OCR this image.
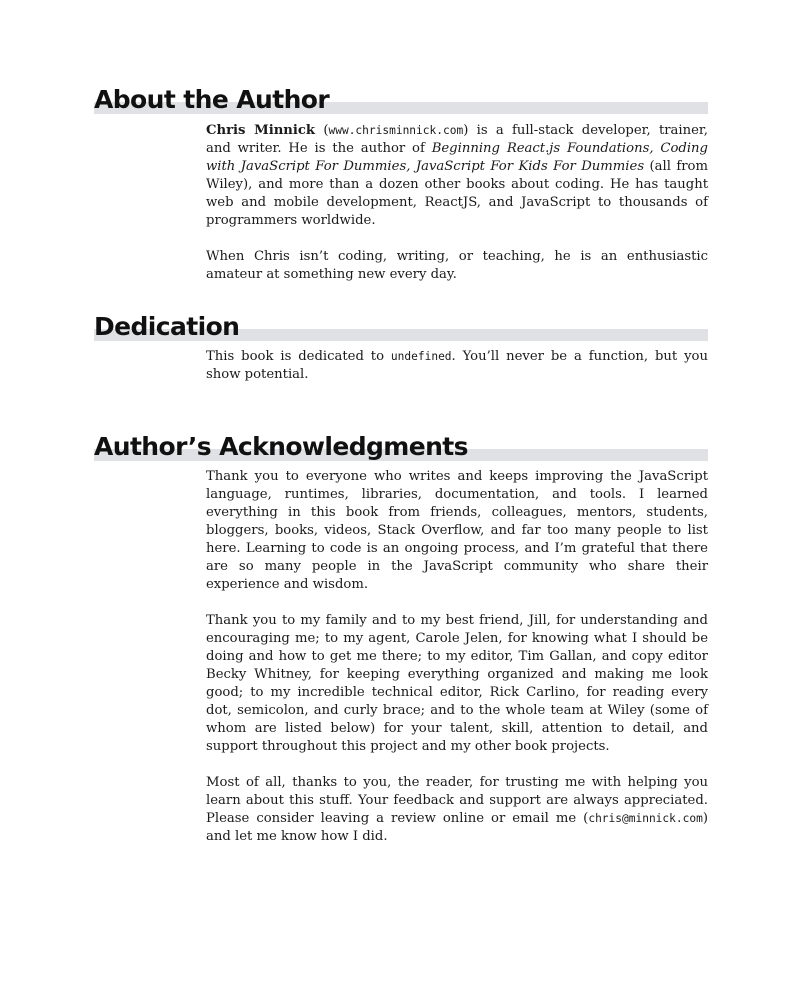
About the Author

Chris Minnick (www.chrisminnick.com) is a full-stack developer, trainer, and writer. He is the author of Beginning React.js Foundations, Coding with JavaScript For Dummies, JavaScript For Kids For Dummies (all from Wiley), and more than a dozen other books about coding. He has taught web and mobile development, ReactJS, and JavaScript to thousands of programmers worldwide.

When Chris isn’t coding, writing, or teaching, he is an enthusiastic amateur at something new every day.

Dedication

This book is dedicated to undefined. You’ll never be a function, but you show potential.

Author’s Acknowledgments

Thank you to everyone who writes and keeps improving the JavaScript language, runtimes, libraries, documentation, and tools. I learned everything in this book from friends, colleagues, mentors, students, bloggers, books, videos, Stack Overflow, and far too many people to list here. Learning to code is an ongoing process, and I’m grateful that there are so many people in the JavaScript community who share their experience and wisdom.

Thank you to my family and to my best friend, Jill, for understanding and encouraging me; to my agent, Carole Jelen, for knowing what I should be doing and how to get me there; to my editor, Tim Gallan, and copy editor Becky Whitney, for keeping everything organized and making me look good; to my incredible technical editor, Rick Carlino, for reading every dot, semicolon, and curly brace; and to the whole team at Wiley (some of whom are listed below) for your talent, skill, attention to detail, and support throughout this project and my other book projects.

Most of all, thanks to you, the reader, for trusting me with helping you learn about this stuff. Your feedback and support are always appreciated. Please consider leaving a review online or email me (chris@minnick.com) and let me know how I did.
